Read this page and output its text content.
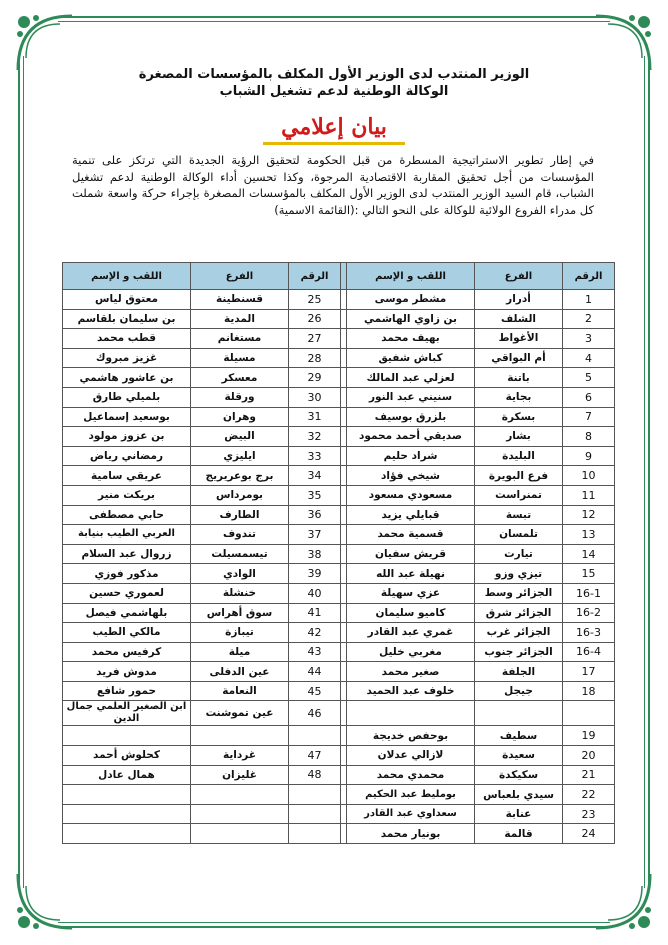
الوزير المنتدب لدى الوزير الأول المكلف بالمؤسسات المصغرة
الوكالة الوطنية لدعم تشغيل الشباب
بيان إعلامي

في إطار تطوير الاستراتيجية المسطرة من قبل الحكومة لتحقيق الرؤية الجديدة التي ترتكز على تنمية المؤسسات من أجل تحقيق المقاربة الاقتصادية المرجوة، وكذا تحسين أداء الوكالة الوطنية لدعم تشغيل الشباب، قام السيد الوزير المنتدب لدى الوزير الأول المكلف بالمؤسسات المصغرة بإجراء حركة واسعة شملت كل مدراء الفروع الولائية للوكالة على النحو التالي :(القائمة الاسمية)

الرقم	الفرع	اللقب و الإسم		الرقم	الفرع	اللقب و الإسم
1	أدرار	مشطر موسى		25	قسنطينة	معتوق لياس
2	الشلف	بن زاوي الهاشمي		26	المدية	بن سليمان بلقاسم
3	الأغواط	بهيف محمد		27	مستغانم	قطب محمد
4	أم البواقي	كباش شفيق		28	مسيلة	غزيز مبروك
5	باتنة	لعزلي عبد المالك		29	معسكر	بن عاشور هاشمي
6	بجاية	سنيني عبد النور		30	ورقلة	بلميلي طارق
7	بسكرة	بلزرق بوسيف		31	وهران	بوسعيد إسماعيل
8	بشار	صديقي أحمد محمود		32	البيض	بن عزوز مولود
9	البليدة	شراد حليم		33	ايليزي	رمضاني رياض
10	فرع البويرة	شيخي فؤاد		34	برج بوعريريج	عريقي سامية
11	تمنراست	مسعودي مسعود		35	بومرداس	بريكت منير
12	تبسة	قبايلي يزيد		36	الطارف	حابي مصطفى
13	تلمسان	قسمية محمد		37	تندوف	العربي الطيب بنيابة
14	تيارت	قريش سفيان		38	تيسمسيلت	زروال عبد السلام
15	تيزي وزو	نهيلة عبد الله		39	الوادي	مذكور فوزي
16-1	الجزائر وسط	عزي سهيلة		40	خنشلة	لعموري حسين
16-2	الجزائر شرق	كاميو سليمان		41	سوق أهراس	بلهاشمي فيصل
16-3	الجزائر غرب	غمري عبد القادر		42	تيبازة	مالكي الطيب
16-4	الجزائر جنوب	مغربي خليل		43	ميلة	كرفيس محمد
17	الجلفة	صغير محمد		44	عين الدفلى	مدوش فريد
18	جيجل	خلوف عبد الحميد		45	النعامة	حمور شافع
				46	عين تموشنت	ابن الصغير العلمي جمال الدين
19	سطيف	بوحفص خديجة				
20	سعيدة	لازالي عدلان		47	غرداية	كحلوش أحمد
21	سكيكدة	محمدي محمد		48	غليزان	همال عادل
22	سيدي بلعباس	بومليط عبد الحكيم				
23	عنابة	سعداوي عبد القادر				
24	قالمة	بونيار محمد				
